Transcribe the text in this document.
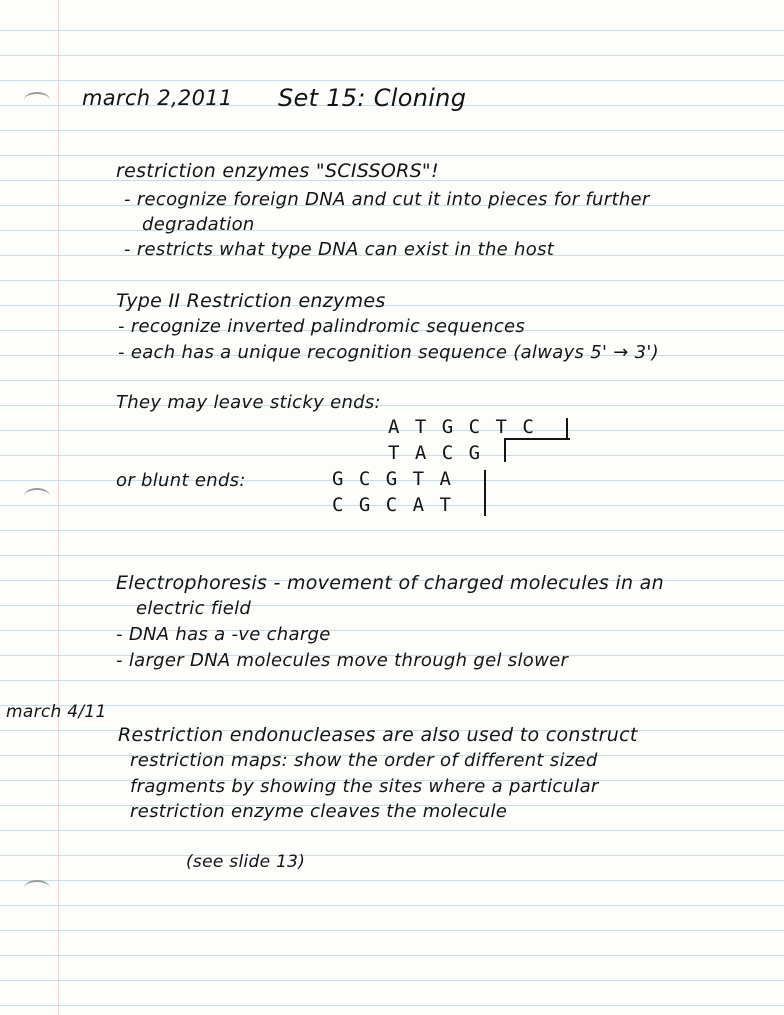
march 2,2011 Set 15: Cloning

restriction enzymes "SCISSORS"!

- recognize foreign DNA and cut it into pieces for further

degradation

- restricts what type DNA can exist in the host

Type II Restriction enzymes

- recognize inverted palindromic sequences

- each has a unique recognition sequence (always 5' → 3')

They may leave sticky ends:

A T G C T C
T A C G

or blunt ends:	G C G T A
C G C A T

Electrophoresis - movement of charged molecules in an

electric field

- DNA has a -ve charge

- larger DNA molecules move through gel slower

march 4/11

Restriction endonucleases are also used to construct

restriction maps: show the order of different sized

fragments by showing the sites where a particular

restriction enzyme cleaves the molecule

(see slide 13)
